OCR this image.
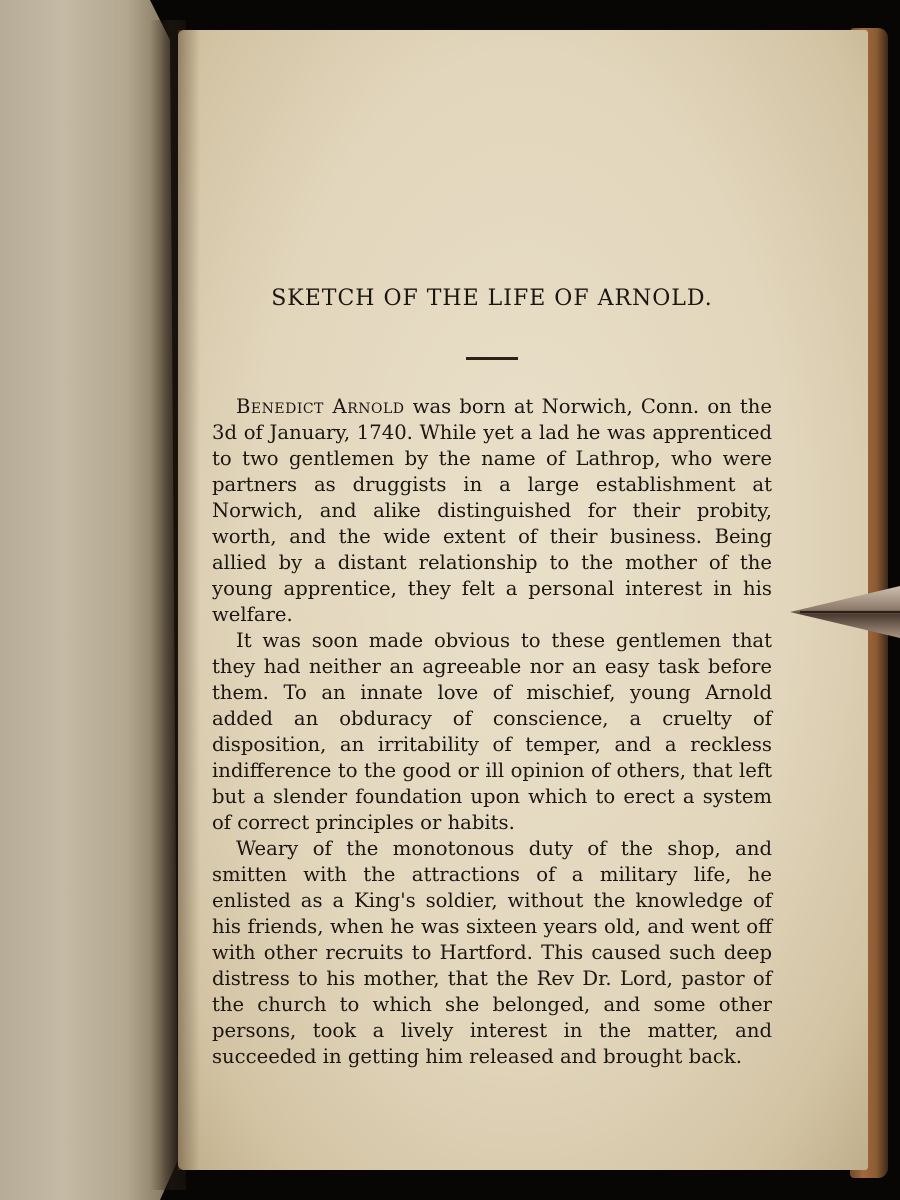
SKETCH OF THE LIFE OF ARNOLD.

Benedict Arnold was born at Norwich, Conn. on the 3d of January, 1740. While yet a lad he was apprenticed to two gentlemen by the name of Lathrop, who were partners as druggists in a large establishment at Norwich, and alike distinguished for their probity, worth, and the wide extent of their business. Being allied by a distant relationship to the mother of the young apprentice, they felt a personal interest in his welfare.

It was soon made obvious to these gentlemen that they had neither an agreeable nor an easy task before them. To an innate love of mischief, young Arnold added an obduracy of conscience, a cruelty of disposition, an irritability of temper, and a reckless indifference to the good or ill opinion of others, that left but a slender foundation upon which to erect a system of correct principles or habits.

Weary of the monotonous duty of the shop, and smitten with the attractions of a military life, he enlisted as a King's soldier, without the knowledge of his friends, when he was sixteen years old, and went off with other recruits to Hartford. This caused such deep distress to his mother, that the Rev Dr. Lord, pastor of the church to which she belonged, and some other persons, took a lively interest in the matter, and succeeded in getting him released and brought back.
